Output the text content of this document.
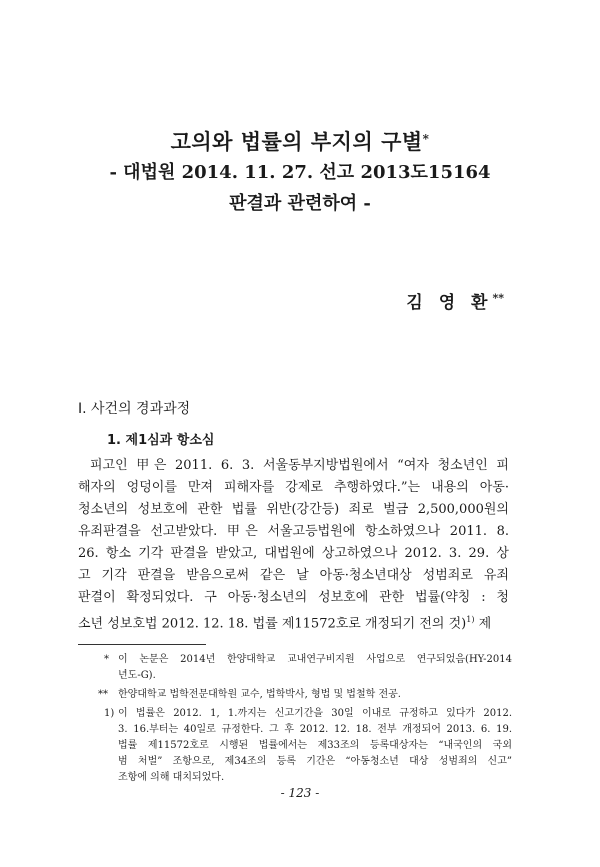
고의와 법률의 부지의 구별*

- 대법원 2014. 11. 27. 선고 2013도15164

판결과 관련하여 -

김 영 환**
I. 사건의 경과과정
1. 제1심과 항소심
피고인 甲은 2011. 6. 3. 서울동부지방법원에서 “여자 청소년인 피
해자의 엉덩이를 만져 피해자를 강제로 추행하였다.”는 내용의 아동·
청소년의 성보호에 관한 법률 위반(강간등) 죄로 벌금 2,500,000원의
유죄판결을 선고받았다. 甲은 서울고등법원에 항소하였으나 2011. 8.
26. 항소 기각 판결을 받았고, 대법원에 상고하였으나 2012. 3. 29. 상
고 기각 판결을 받음으로써 같은 날 아동·청소년대상 성범죄로 유죄
판결이 확정되었다. 구 아동·청소년의 성보호에 관한 법률(약칭 : 청
소년 성보호법 2012. 12. 18. 법률 제11572호로 개정되기 전의 것)$^{1)}$ 제
* 이 논문은 2014년 한양대학교 교내연구비지원 사업으로 연구되었음(HY-2014
년도-G).
** 한양대학교 법학전문대학원 교수, 법학박사, 형법 및 법철학 전공.
1) 이 법률은 2012. 1, 1.까지는 신고기간을 30일 이내로 규정하고 있다가 2012.
3. 16.부터는 40일로 규정한다. 그 후 2012. 12. 18. 전부 개정되어 2013. 6. 19.
법률 제11572호로 시행된 법률에서는 제33조의 등록대상자는 “내국인의 국외
범 처벌” 조항으로, 제34조의 등록 기간은 “아동청소년 대상 성범죄의 신고”
조항에 의해 대치되었다.
- 123 -
